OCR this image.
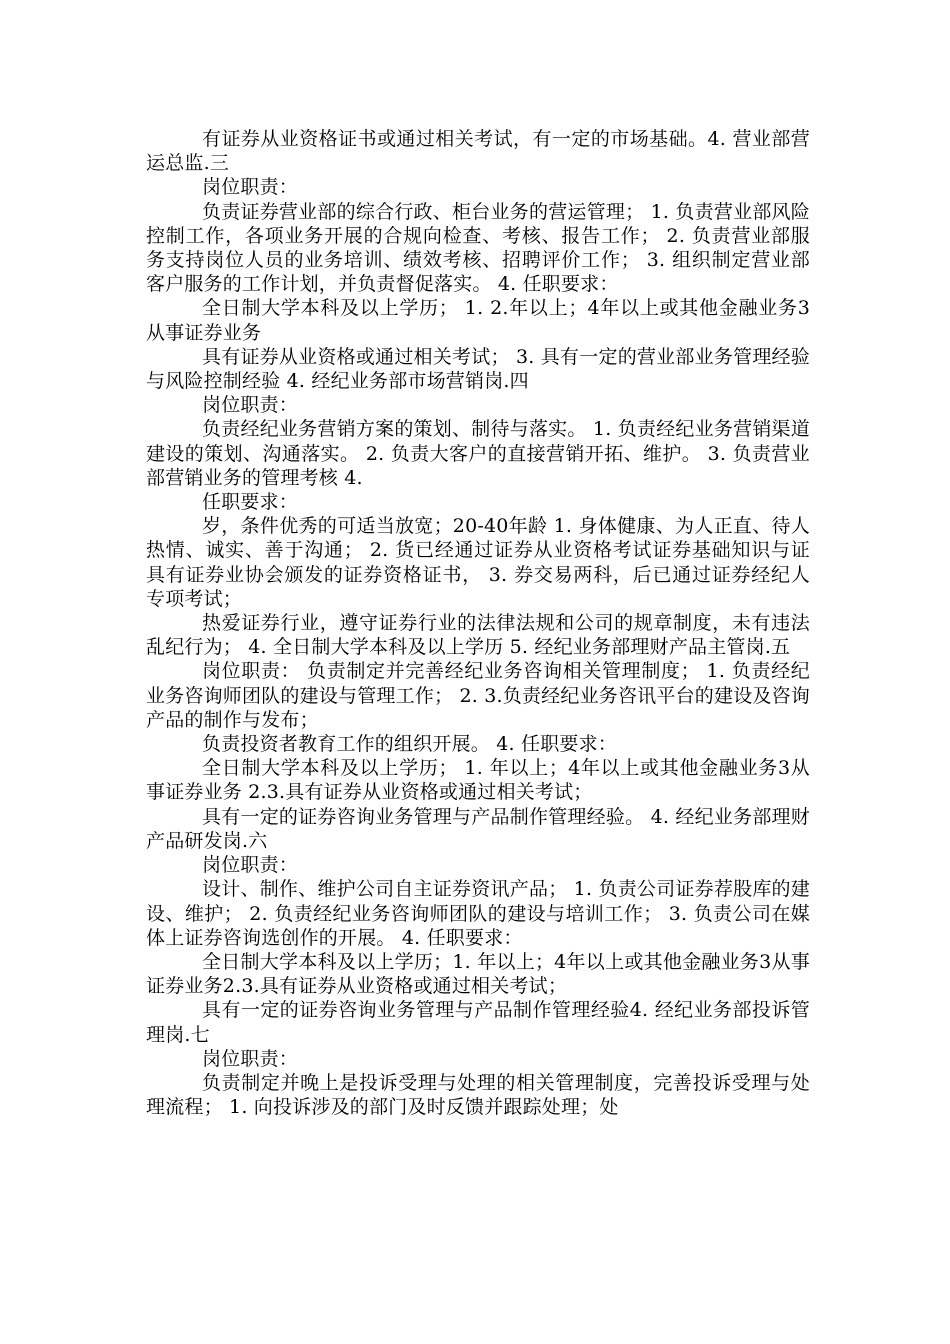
有证券从业资格证书或通过相关考试，有一定的市场基础。4. 营业部营运总监.三

岗位职责：

负责证券营业部的综合行政、柜台业务的营运管理； 1. 负责营业部风险控制工作，各项业务开展的合规向检查、考核、报告工作； 2. 负责营业部服务支持岗位人员的业务培训、绩效考核、招聘评价工作； 3. 组织制定营业部客户服务的工作计划，并负责督促落实。 4. 任职要求：

全日制大学本科及以上学历； 1. 2.年以上；4年以上或其他金融业务3从事证券业务

具有证券从业资格或通过相关考试； 3. 具有一定的营业部业务管理经验与风险控制经验 4. 经纪业务部市场营销岗.四

岗位职责：

负责经纪业务营销方案的策划、制待与落实。 1. 负责经纪业务营销渠道建设的策划、沟通落实。 2. 负责大客户的直接营销开拓、维护。 3. 负责营业部营销业务的管理考核 4.

任职要求：

岁，条件优秀的可适当放宽；20-40年龄 1. 身体健康、为人正直、待人热情、诚实、善于沟通； 2. 货已经通过证券从业资格考试证券基础知识与证具有证券业协会颁发的证券资格证书， 3. 券交易两科，后已通过证券经纪人专项考试；

热爱证券行业，遵守证券行业的法律法规和公司的规章制度，未有违法乱纪行为； 4. 全日制大学本科及以上学历 5. 经纪业务部理财产品主管岗.五

岗位职责： 负责制定并完善经纪业务咨询相关管理制度； 1. 负责经纪业务咨询师团队的建设与管理工作； 2. 3.负责经纪业务咨讯平台的建设及咨询产品的制作与发布；

负责投资者教育工作的组织开展。 4. 任职要求：

全日制大学本科及以上学历； 1. 年以上；4年以上或其他金融业务3从事证券业务 2.3.具有证券从业资格或通过相关考试；

具有一定的证券咨询业务管理与产品制作管理经验。 4. 经纪业务部理财产品研发岗.六

岗位职责：

设计、制作、维护公司自主证券资讯产品； 1. 负责公司证券荐股库的建设、维护； 2. 负责经纪业务咨询师团队的建设与培训工作； 3. 负责公司在媒体上证券咨询选创作的开展。 4. 任职要求：

全日制大学本科及以上学历；1. 年以上；4年以上或其他金融业务3从事证券业务2.3.具有证券从业资格或通过相关考试；

具有一定的证券咨询业务管理与产品制作管理经验4. 经纪业务部投诉管理岗.七

岗位职责：

负责制定并晚上是投诉受理与处理的相关管理制度，完善投诉受理与处理流程； 1. 向投诉涉及的部门及时反馈并跟踪处理；处
